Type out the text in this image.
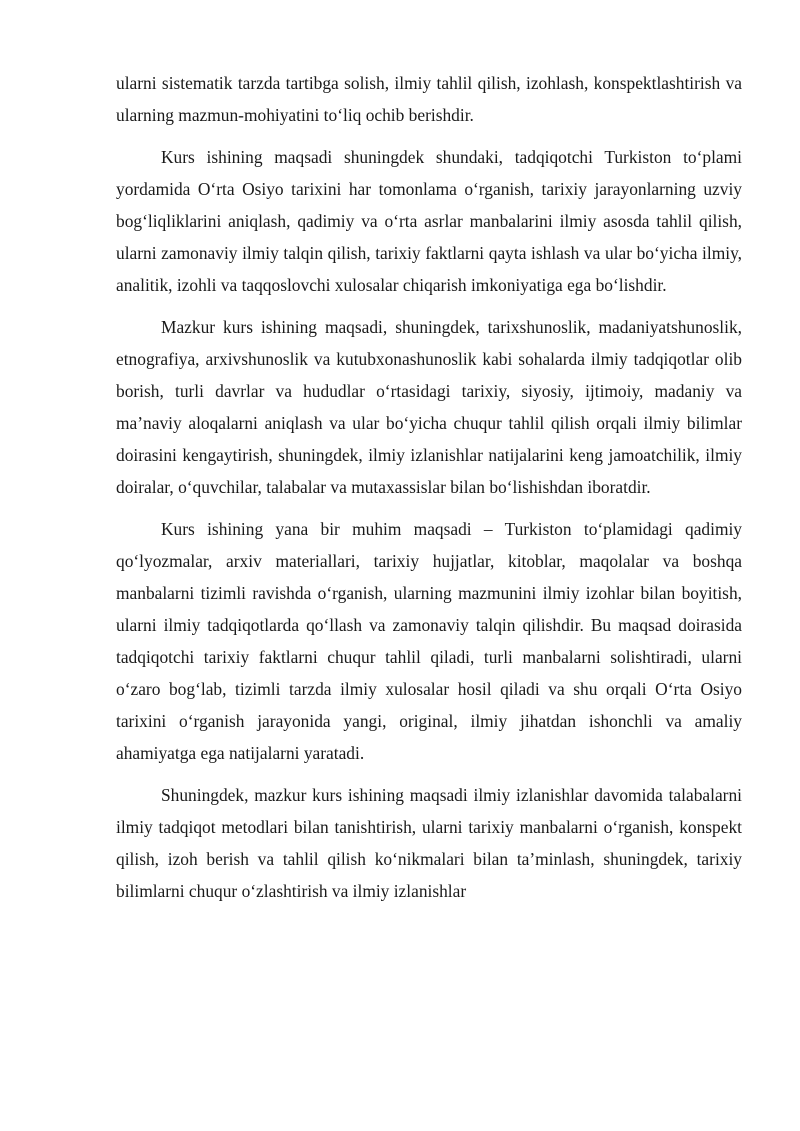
ularni sistematik tarzda tartibga solish, ilmiy tahlil qilish, izohlash, konspektlashtirish va ularning mazmun-mohiyatini toʻliq ochib berishdir.

Kurs ishining maqsadi shuningdek shundaki, tadqiqotchi Turkiston toʻplami yordamida Oʻrta Osiyo tarixini har tomonlama oʻrganish, tarixiy jarayonlarning uzviy bogʻliqliklarini aniqlash, qadimiy va oʻrta asrlar manbalarini ilmiy asosda tahlil qilish, ularni zamonaviy ilmiy talqin qilish, tarixiy faktlarni qayta ishlash va ular boʻyicha ilmiy, analitik, izohli va taqqoslovchi xulosalar chiqarish imkoniyatiga ega boʻlishdir.

Mazkur kurs ishining maqsadi, shuningdek, tarixshunoslik, madaniyatshunoslik, etnografiya, arxivshunoslik va kutubxonashunoslik kabi sohalarda ilmiy tadqiqotlar olib borish, turli davrlar va hududlar oʻrtasidagi tarixiy, siyosiy, ijtimoiy, madaniy va maʼnaviy aloqalarni aniqlash va ular boʻyicha chuqur tahlil qilish orqali ilmiy bilimlar doirasini kengaytirish, shuningdek, ilmiy izlanishlar natijalarini keng jamoatchilik, ilmiy doiralar, oʻquvchilar, talabalar va mutaxassislar bilan boʻlishishdan iboratdir.

Kurs ishining yana bir muhim maqsadi – Turkiston toʻplamidagi qadimiy qoʻlyozmalar, arxiv materiallari, tarixiy hujjatlar, kitoblar, maqolalar va boshqa manbalarni tizimli ravishda oʻrganish, ularning mazmunini ilmiy izohlar bilan boyitish, ularni ilmiy tadqiqotlarda qoʻllash va zamonaviy talqin qilishdir. Bu maqsad doirasida tadqiqotchi tarixiy faktlarni chuqur tahlil qiladi, turli manbalarni solishtiradi, ularni oʻzaro bogʻlab, tizimli tarzda ilmiy xulosalar hosil qiladi va shu orqali Oʻrta Osiyo tarixini oʻrganish jarayonida yangi, original, ilmiy jihatdan ishonchli va amaliy ahamiyatga ega natijalarni yaratadi.

Shuningdek, mazkur kurs ishining maqsadi ilmiy izlanishlar davomida talabalarni ilmiy tadqiqot metodlari bilan tanishtirish, ularni tarixiy manbalarni oʻrganish, konspekt qilish, izoh berish va tahlil qilish koʻnikmalari bilan taʼminlash, shuningdek, tarixiy bilimlarni chuqur oʻzlashtirish va ilmiy izlanishlar
